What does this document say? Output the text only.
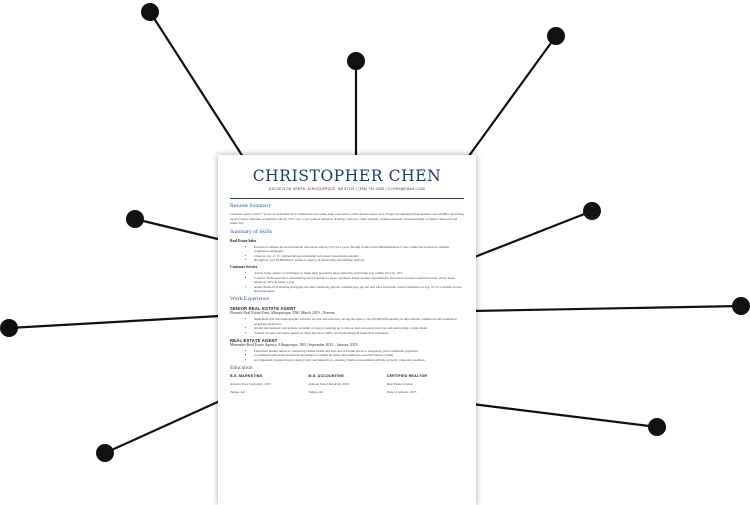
CHRISTOPHER CHEN
815 DEVLON GREEN, ALBUQUERQUE, NM 87101 | (555) 791-3555 | CCHEN@EMAIL.COM
Resume Summary
Licensed realtor with 7+ years of residential and commercial real estate sales experience in the Atlanta metro area. Expert in campaign management, successfully increasing agency's new customer acquisition rate by 35% over a year period. Adept in drafting contracts, client analysis, market research, and knowledge of federal and local real estate law.
Summary of Skills
Real Estate Sales
• Increased commercial and residential real estate sales by 25% in 2 years through creation and implementation of new online and in-person customer acquisition campaigns
• Close an avg. of 15 commercial and residential real estate transactions annually
• Brought in over $3,000,000 in profits to agency in historically unprofitable territory
Customer Service
• Advise home sellers on techniques to make their properties more attractive, increasing avg. selling price by 10%
• Conduct client interviews, determining best properties to show customers based on their requirements. Increased customer satisfaction rate of new home buyers by 20% in under 1 year
• Assist clients in evaluating mortgage and other financing options, ensuring they get the best rates and terms. Saved customers an avg. of 5% overtime on new home purchases
Work Experience
SENIOR REAL ESTATE AGENT
Phoenix Real Estate Firm, Albuquerque, NM | March 2019 – Present
• Implement GIS data demographic software for new site selection, saving the agency over $5,000,000 annually in unprofitable commercial and residential properties endeavors
• Attend international conventions on behalf of agency, keeping up to date on best real estate practices and networking to gain clients
• Trained 3 junior real estate agents on client interview SOPs, and home listing & inspection techniques
REAL ESTATE AGENT
Menendez Real Estate Agency, Albuquerque, NM | September 2015 – January 2019
• Performed market research, comparing market trends and new and old home prices to adequately price residential properties
• Coordinated with home inspectors and lenders to ensure all terms and conditions were met before closing
• Accompanied potential buyers during visits and inspections, ensuring clients were satisfied with the property value and condition
Education
B.S. MARKETING
Arizona State University, 2013
Tempe, AZ
M.S. ACCOUNTING
Arizona State University, 2016
Tempe, AZ
CERTIFIED REALTOR
Real Estate License
State of Arizona, 2015
